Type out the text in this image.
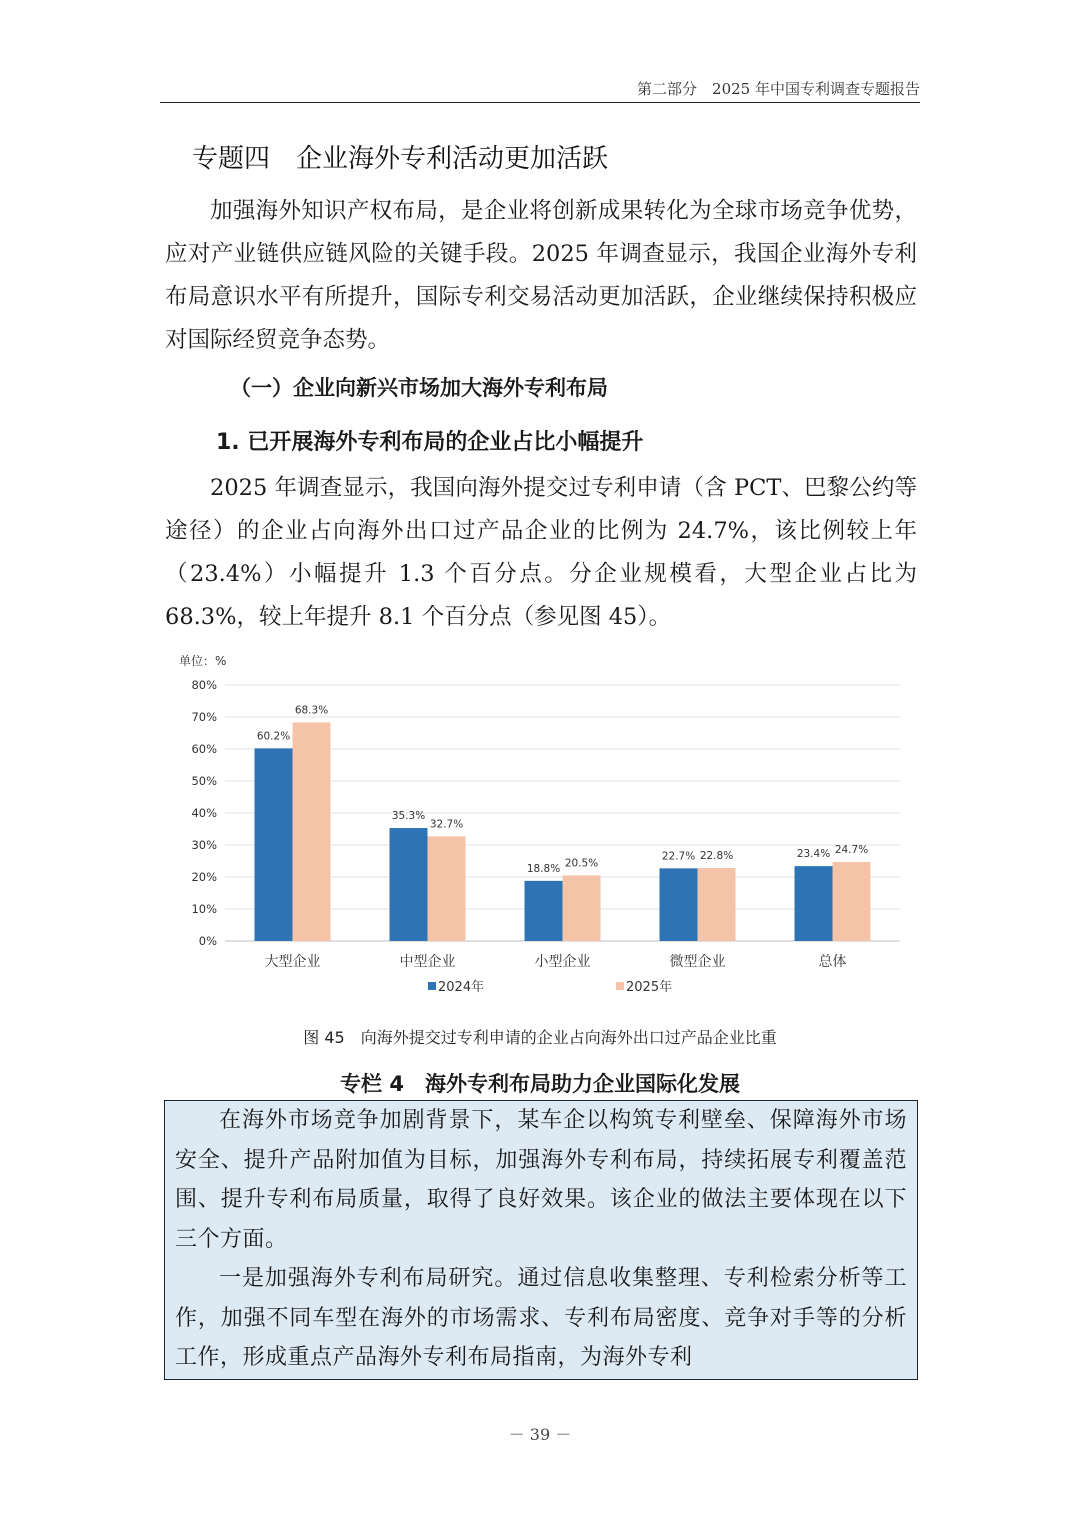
第二部分　2025 年中国专利调查专题报告
专题四　企业海外专利活动更加活跃

加强海外知识产权布局，是企业将创新成果转化为全球市场竞争优势，应对产业链供应链风险的关键手段。2025 年调查显示，我国企业海外专利布局意识水平有所提升，国际专利交易活动更加活跃，企业继续保持积极应对国际经贸竞争态势。

（一）企业向新兴市场加大海外专利布局
1. 已开展海外专利布局的企业占比小幅提升

2025 年调查显示，我国向海外提交过专利申请（含 PCT、巴黎公约等途径）的企业占向海外出口过产品企业的比例为 24.7%，该比例较上年（23.4%）小幅提升 1.3 个百分点。分企业规模看，大型企业占比为 68.3%，较上年提升 8.1 个百分点（参见图 45）。

单位：%
0%
10%
20%
30%
40%
50%
60%
70%
80%
60.2%
68.3%
大型企业
35.3%
32.7%
中型企业
18.8% 20.5%
小型企业
22.7% 22.8%
微型企业
23.4% 24.7%
总体
2024年	2025年
图 45　向海外提交过专利申请的企业占向海外出口过产品企业比重
专栏 4　海外专利布局助力企业国际化发展

在海外市场竞争加剧背景下，某车企以构筑专利壁垒、保障海外市场安全、提升产品附加值为目标，加强海外专利布局，持续拓展专利覆盖范围、提升专利布局质量，取得了良好效果。该企业的做法主要体现在以下三个方面。

一是加强海外专利布局研究。通过信息收集整理、专利检索分析等工作，加强不同车型在海外的市场需求、专利布局密度、竞争对手等的分析工作，形成重点产品海外专利布局指南，为海外专利

－ 39 －
